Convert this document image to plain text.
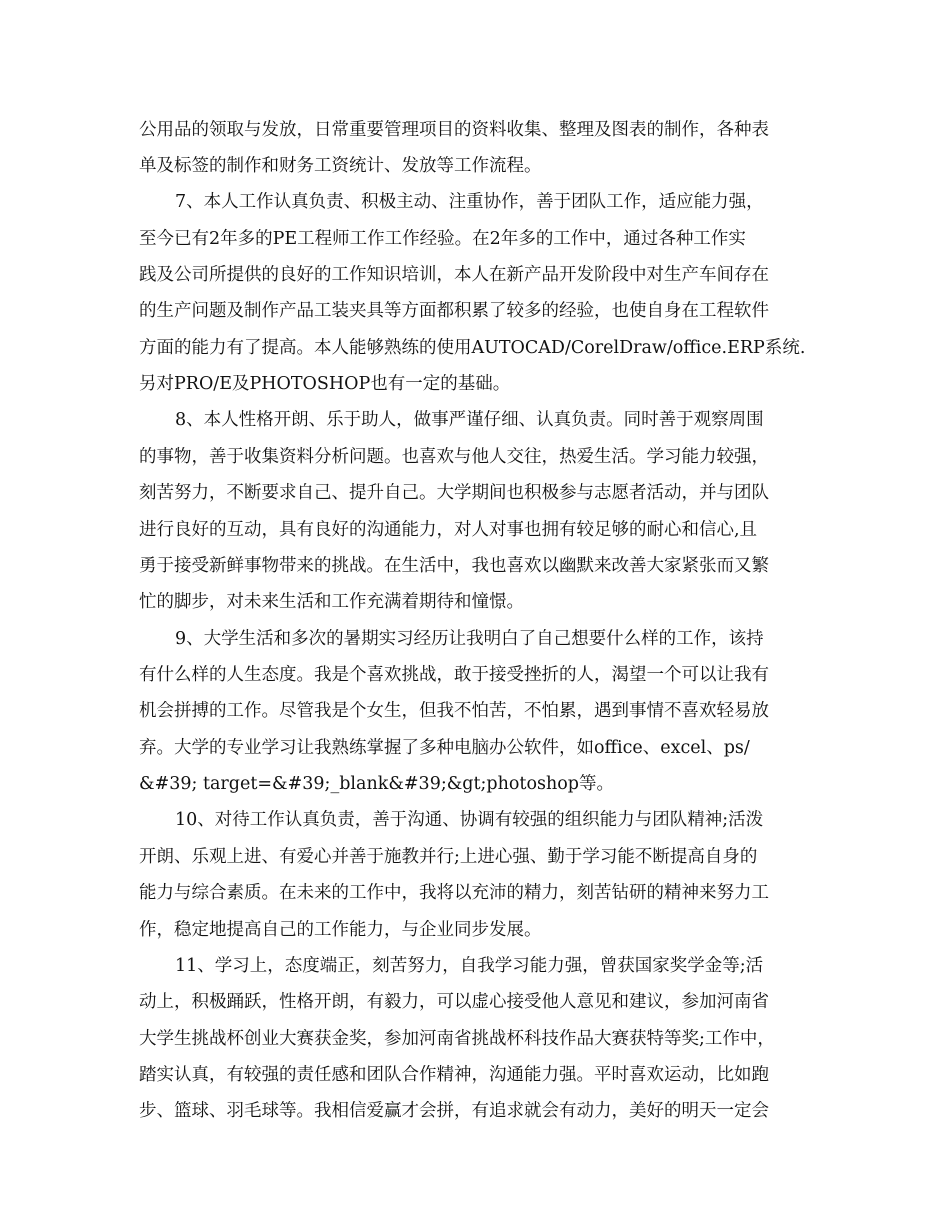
公用品的领取与发放，日常重要管理项目的资料收集、整理及图表的制作，各种表
单及标签的制作和财务工资统计、发放等工作流程。
7、本人工作认真负责、积极主动、注重协作，善于团队工作，适应能力强，
至今已有2年多的PE工程师工作工作经验。在2年多的工作中，通过各种工作实
践及公司所提供的良好的工作知识培训，本人在新产品开发阶段中对生产车间存在
的生产问题及制作产品工装夹具等方面都积累了较多的经验，也使自身在工程软件
方面的能力有了提高。本人能够熟练的使用AUTOCAD/CorelDraw/office.ERP系统.
另对PRO/E及PHOTOSHOP也有一定的基础。
8、本人性格开朗、乐于助人，做事严谨仔细、认真负责。同时善于观察周围
的事物，善于收集资料分析问题。也喜欢与他人交往，热爱生活。学习能力较强，
刻苦努力，不断要求自己、提升自己。大学期间也积极参与志愿者活动，并与团队
进行良好的互动，具有良好的沟通能力，对人对事也拥有较足够的耐心和信心,且
勇于接受新鲜事物带来的挑战。在生活中，我也喜欢以幽默来改善大家紧张而又繁
忙的脚步，对未来生活和工作充满着期待和憧憬。
9、大学生活和多次的暑期实习经历让我明白了自己想要什么样的工作，该持
有什么样的人生态度。我是个喜欢挑战，敢于接受挫折的人，渴望一个可以让我有
机会拼搏的工作。尽管我是个女生，但我不怕苦，不怕累，遇到事情不喜欢轻易放
弃。大学的专业学习让我熟练掌握了多种电脑办公软件，如office、excel、ps/
&#39; target=&#39;_blank&#39;&gt;photoshop等。
10、对待工作认真负责，善于沟通、协调有较强的组织能力与团队精神;活泼
开朗、乐观上进、有爱心并善于施教并行;上进心强、勤于学习能不断提高自身的
能力与综合素质。在未来的工作中，我将以充沛的精力，刻苦钻研的精神来努力工
作，稳定地提高自己的工作能力，与企业同步发展。
11、学习上，态度端正，刻苦努力，自我学习能力强，曾获国家奖学金等;活
动上，积极踊跃，性格开朗，有毅力，可以虚心接受他人意见和建议，参加河南省
大学生挑战杯创业大赛获金奖，参加河南省挑战杯科技作品大赛获特等奖;工作中，
踏实认真，有较强的责任感和团队合作精神，沟通能力强。平时喜欢运动，比如跑
步、篮球、羽毛球等。我相信爱赢才会拼，有追求就会有动力，美好的明天一定会
